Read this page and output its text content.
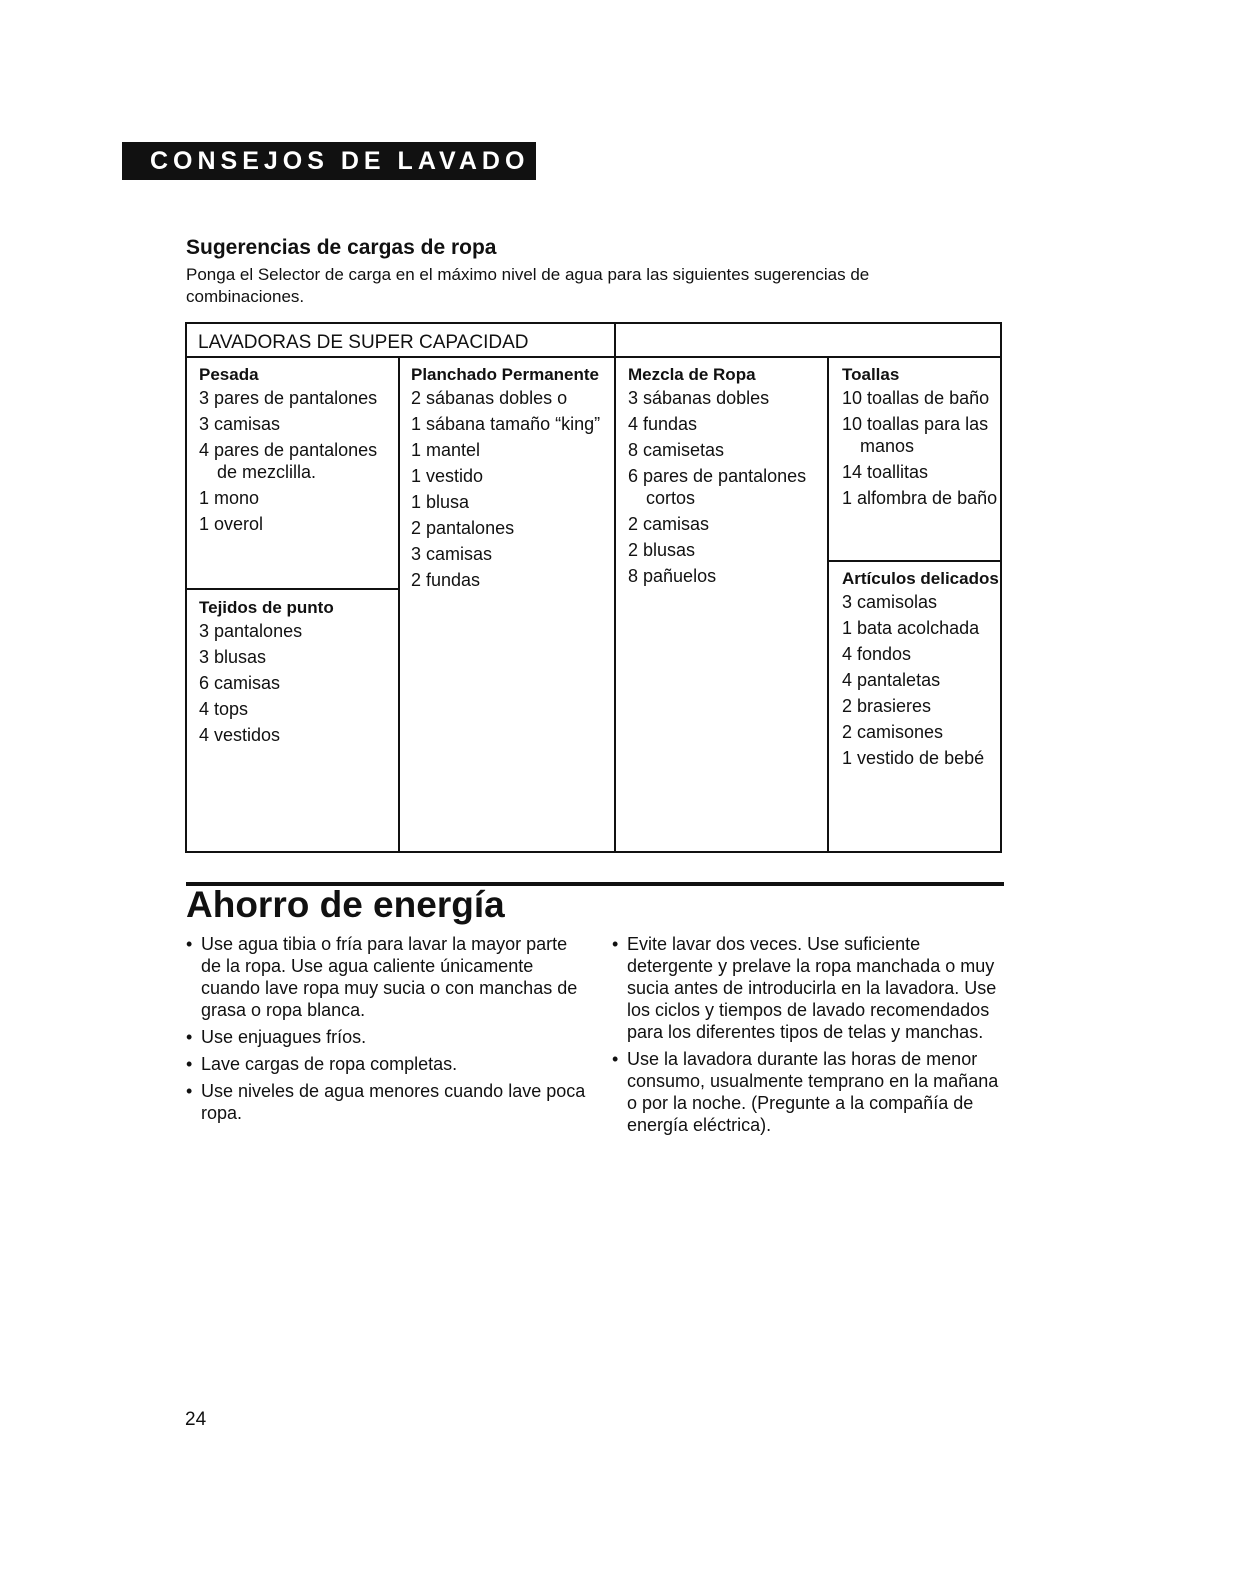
CONSEJOS DE LAVADO
Sugerencias de cargas de ropa

Ponga el Selector de carga en el máximo nivel de agua para las siguientes sugerencias de combinaciones.

LAVADORAS DE SUPER CAPACIDAD
Pesada
3 pares de pantalones
3 camisas
4 pares de pantalones de mezclilla.
1 mono
1 overol
Tejidos de punto
3 pantalones
3 blusas
6 camisas
4 tops
4 vestidos
Planchado Permanente
2 sábanas dobles o
1 sábana tamaño “king”
1 mantel
1 vestido
1 blusa
2 pantalones
3 camisas
2 fundas
Mezcla de Ropa
3 sábanas dobles
4 fundas
8 camisetas
6 pares de pantalones cortos
2 camisas
2 blusas
8 pañuelos
Toallas
10 toallas de baño
10 toallas para las manos
14 toallitas
1 alfombra de baño
Artículos delicados
3 camisolas
1 bata acolchada
4 fondos
4 pantaletas
2 brasieres
2 camisones
1 vestido de bebé
Ahorro de energía
• Use agua tibia o fría para lavar la mayor parte de la ropa. Use agua caliente únicamente cuando lave ropa muy sucia o con manchas de grasa o ropa blanca.
• Use enjuagues fríos.
• Lave cargas de ropa completas.
• Use niveles de agua menores cuando lave poca ropa.
• Evite lavar dos veces. Use suficiente detergente y prelave la ropa manchada o muy sucia antes de introducirla en la lavadora. Use los ciclos y tiempos de lavado recomendados para los diferentes tipos de telas y manchas.
• Use la lavadora durante las horas de menor consumo, usualmente temprano en la mañana o por la noche. (Pregunte a la compañía de energía eléctrica).

24
